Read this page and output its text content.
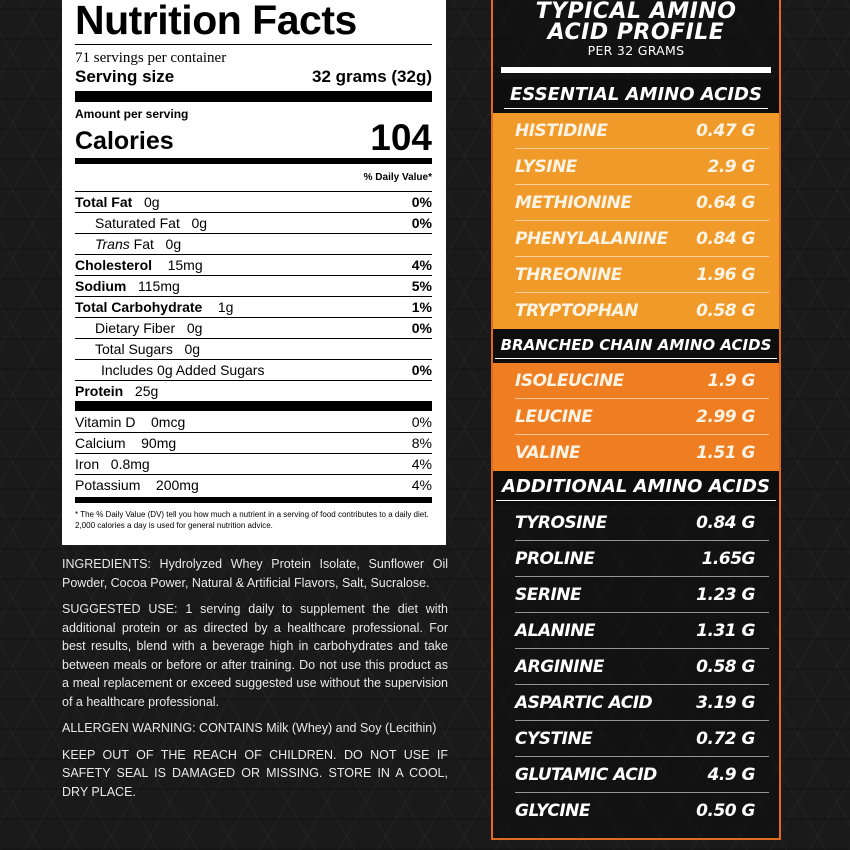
Nutrition Facts
71 servings per container
Serving size	32 grams (32g)
Amount per serving
Calories	104
% Daily Value*
Total Fat 0g	0%
Saturated Fat 0g	0%
Trans Fat 0g
Cholesterol 15mg	4%
Sodium 115mg	5%
Total Carbohydrate 1g	1%
Dietary Fiber 0g	0%
Total Sugars 0g
Includes 0g Added Sugars	0%
Protein 25g
Vitamin D 0mcg	0%
Calcium 90mg	8%
Iron 0.8mg	4%
Potassium 200mg	4%
* The % Daily Value (DV) tell you how much a nutrient in a serving of food contributes to a daily diet. 2,000 calories a day is used for general nutrition advice.

INGREDIENTS: Hydrolyzed Whey Protein Isolate, Sunflower Oil Powder, Cocoa Power, Natural & Artificial Flavors, Salt, Sucralose.

SUGGESTED USE: 1 serving daily to supplement the diet with additional protein or as directed by a healthcare professional. For best results, blend with a beverage high in carbohydrates and take between meals or before or after training. Do not use this product as a meal replacement or exceed suggested use without the supervision of a healthcare professional.

ALLERGEN WARNING: CONTAINS Milk (Whey) and Soy (Lecithin)

KEEP OUT OF THE REACH OF CHILDREN. DO NOT USE IF SAFETY SEAL IS DAMAGED OR MISSING. STORE IN A COOL, DRY PLACE.

TYPICAL AMINO
ACID PROFILE
PER 32 GRAMS
ESSENTIAL AMINO ACIDS
HISTIDINE	0.47 G
LYSINE	2.9 G
METHIONINE	0.64 G
PHENYLALANINE 0.84 G
THREONINE	1.96 G
TRYPTOPHAN	0.58 G
BRANCHED CHAIN AMINO ACIDS
ISOLEUCINE	1.9 G
LEUCINE	2.99 G
VALINE	1.51 G
ADDITIONAL AMINO ACIDS
TYROSINE	0.84 G
PROLINE	1.65G
SERINE	1.23 G
ALANINE	1.31 G
ARGININE	0.58 G
ASPARTIC ACID	3.19 G
CYSTINE	0.72 G
GLUTAMIC ACID	4.9 G
GLYCINE	0.50 G
